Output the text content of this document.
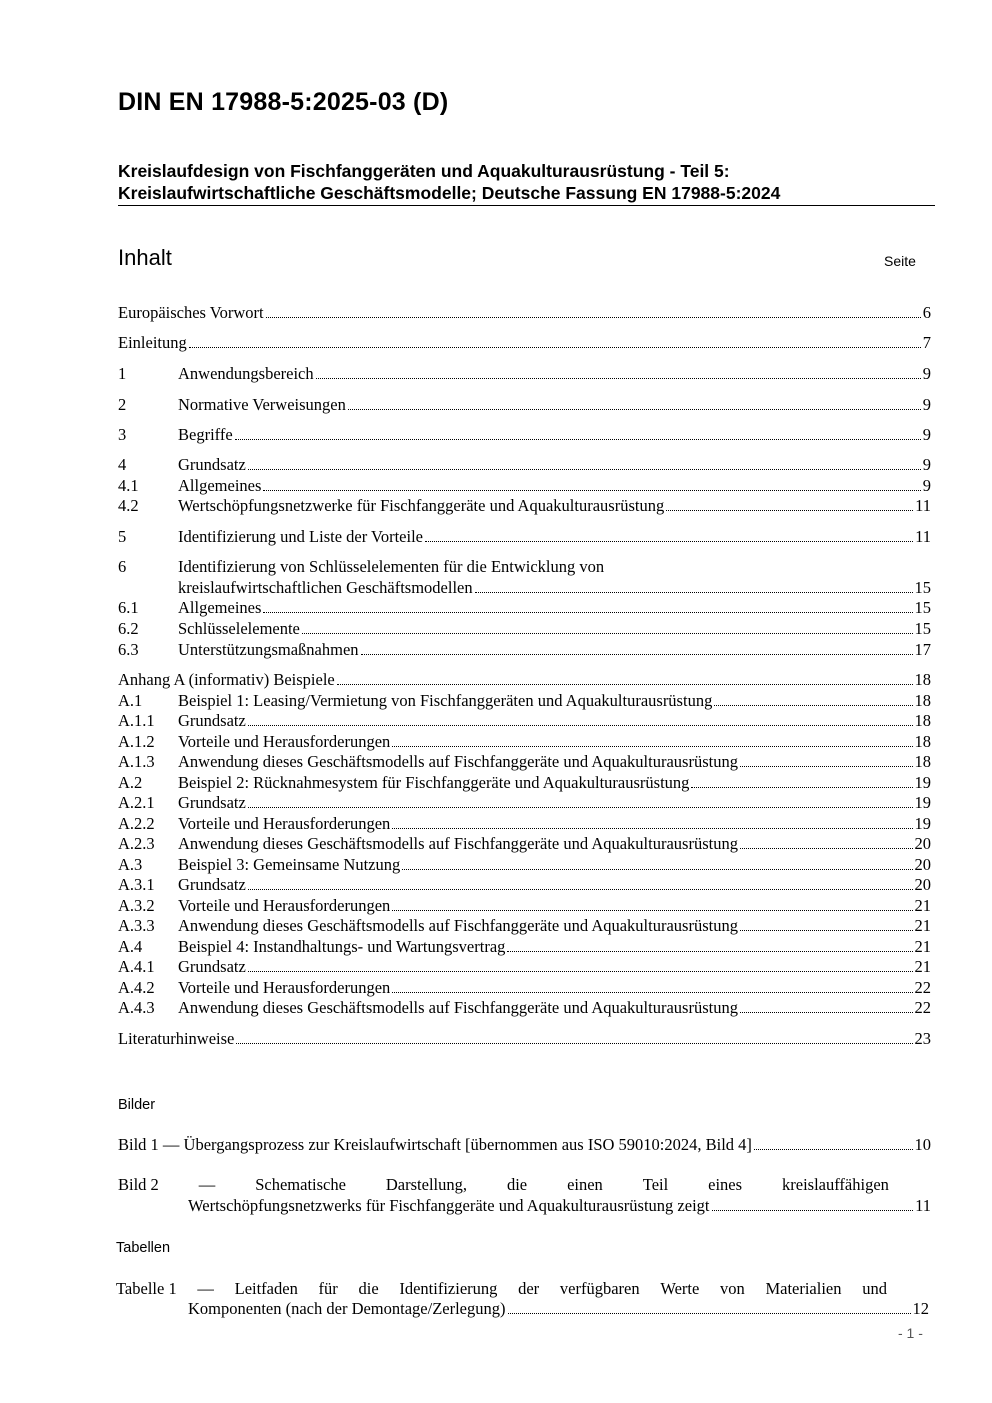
DIN EN 17988-5:2025-03 (D)
Kreislaufdesign von Fischfanggeräten und Aquakulturausrüstung - Teil 5:
Kreislaufwirtschaftliche Geschäftsmodelle; Deutsche Fassung EN 17988-5:2024
Inhalt	Seite
Europäisches Vorwort	6
Einleitung	7
1	Anwendungsbereich	9
2	Normative Verweisungen	9
3	Begriffe	9
4	Grundsatz	9
4.1	Allgemeines	9
4.2	Wertschöpfungsnetzwerke für Fischfanggeräte und Aquakulturausrüstung	11
5	Identifizierung und Liste der Vorteile	11
6	Identifizierung von Schlüsselelementen für die Entwicklung von
kreislaufwirtschaftlichen Geschäftsmodellen	15
6.1	Allgemeines	15
6.2	Schlüsselelemente	15
6.3	Unterstützungsmaßnahmen	17
Anhang A (informativ) Beispiele	18
A.1	Beispiel 1: Leasing/Vermietung von Fischfanggeräten und Aquakulturausrüstung	18
A.1.1	Grundsatz	18
A.1.2	Vorteile und Herausforderungen	18
A.1.3	Anwendung dieses Geschäftsmodells auf Fischfanggeräte und Aquakulturausrüstung	18
A.2	Beispiel 2: Rücknahmesystem für Fischfanggeräte und Aquakulturausrüstung	19
A.2.1	Grundsatz	19
A.2.2	Vorteile und Herausforderungen	19
A.2.3	Anwendung dieses Geschäftsmodells auf Fischfanggeräte und Aquakulturausrüstung	20
A.3	Beispiel 3: Gemeinsame Nutzung	20
A.3.1	Grundsatz	20
A.3.2	Vorteile und Herausforderungen	21
A.3.3	Anwendung dieses Geschäftsmodells auf Fischfanggeräte und Aquakulturausrüstung	21
A.4	Beispiel 4: Instandhaltungs- und Wartungsvertrag	21
A.4.1	Grundsatz	21
A.4.2	Vorteile und Herausforderungen	22
A.4.3	Anwendung dieses Geschäftsmodells auf Fischfanggeräte und Aquakulturausrüstung	22
Literaturhinweise	23
Bilder
Bild 1 — Übergangsprozess zur Kreislaufwirtschaft [übernommen aus ISO 59010:2024, Bild 4]	10
Bild 2 — Schematische Darstellung, die einen Teil eines kreislauffähigen
Wertschöpfungsnetzwerks für Fischfanggeräte und Aquakulturausrüstung zeigt	11
Tabellen
Tabelle 1 — Leitfaden für die Identifizierung der verfügbaren Werte von Materialien und
Komponenten (nach der Demontage/Zerlegung)	12
- 1 -
